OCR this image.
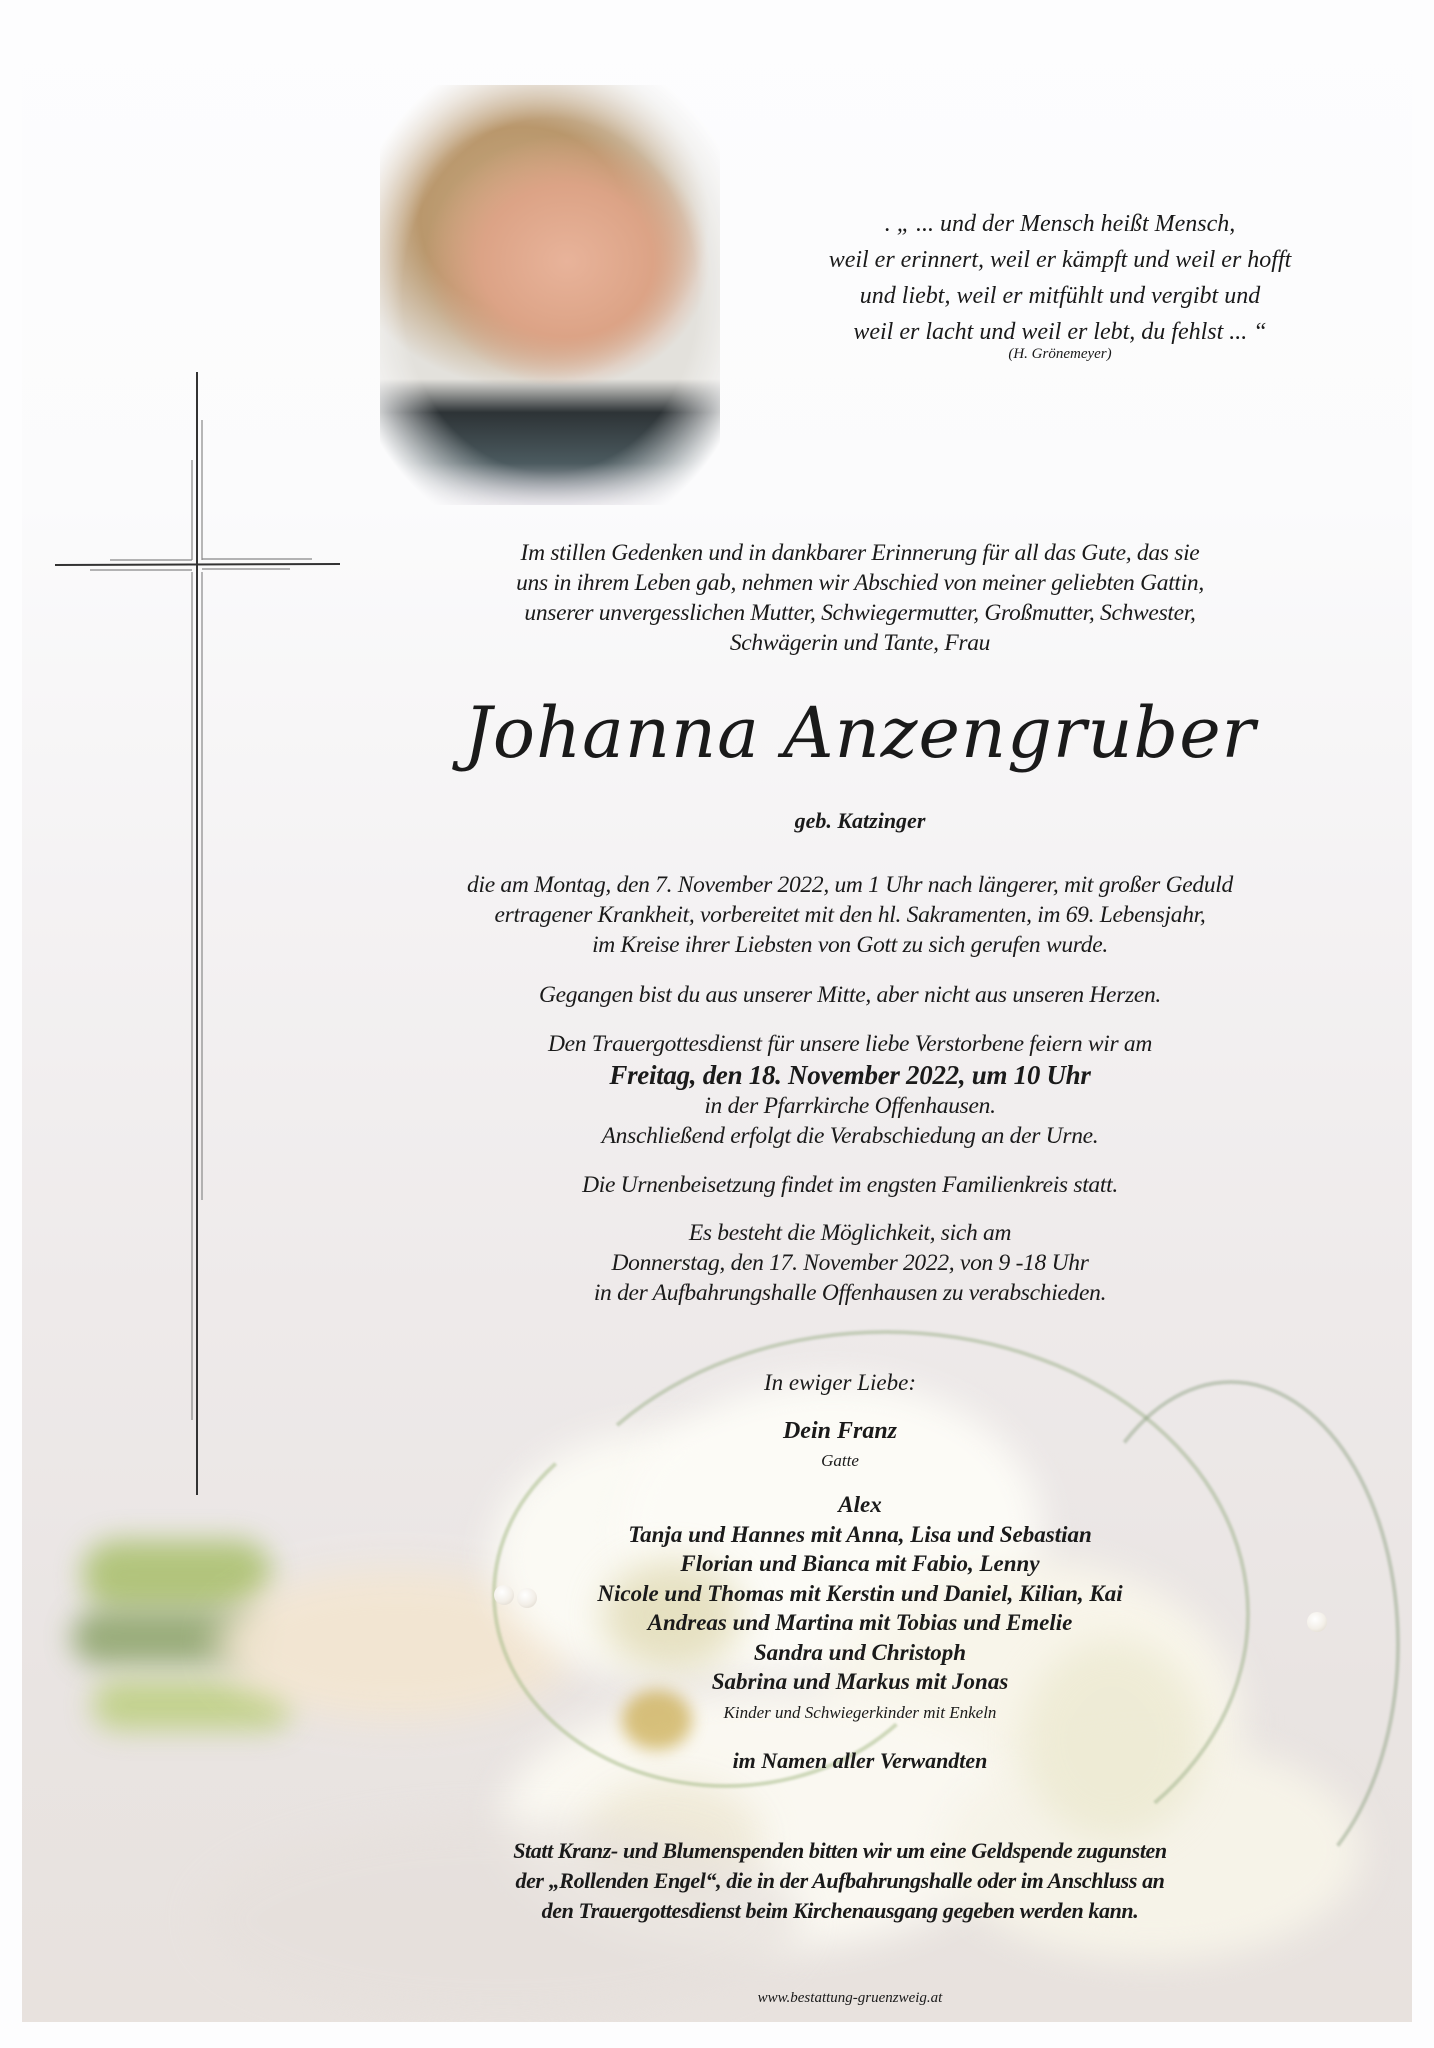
. „ ... und der Mensch heißt Mensch,
weil er erinnert, weil er kämpft und weil er hofft
und liebt, weil er mitfühlt und vergibt und
weil er lacht und weil er lebt, du fehlst ... “
(H. Grönemeyer)
Im stillen Gedenken und in dankbarer Erinnerung für all das Gute, das sie
uns in ihrem Leben gab, nehmen wir Abschied von meiner geliebten Gattin,
unserer unvergesslichen Mutter, Schwiegermutter, Großmutter, Schwester,
Schwägerin und Tante, Frau
Johanna Anzengruber
geb. Katzinger
die am Montag, den 7. November 2022, um 1 Uhr nach längerer, mit großer Geduld
ertragener Krankheit, vorbereitet mit den hl. Sakramenten, im 69. Lebensjahr,
im Kreise ihrer Liebsten von Gott zu sich gerufen wurde.
Gegangen bist du aus unserer Mitte, aber nicht aus unseren Herzen.
Den Trauergottesdienst für unsere liebe Verstorbene feiern wir am
Freitag, den 18. November 2022, um 10 Uhr
in der Pfarrkirche Offenhausen.
Anschließend erfolgt die Verabschiedung an der Urne.
Die Urnenbeisetzung findet im engsten Familienkreis statt.
Es besteht die Möglichkeit, sich am
Donnerstag, den 17. November 2022, von 9 -18 Uhr
in der Aufbahrungshalle Offenhausen zu verabschieden.
In ewiger Liebe:
Dein Franz
Gatte
Alex
Tanja und Hannes mit Anna, Lisa und Sebastian
Florian und Bianca mit Fabio, Lenny
Nicole und Thomas mit Kerstin und Daniel, Kilian, Kai
Andreas und Martina mit Tobias und Emelie
Sandra und Christoph
Sabrina und Markus mit Jonas
Kinder und Schwiegerkinder mit Enkeln
im Namen aller Verwandten
Statt Kranz- und Blumenspenden bitten wir um eine Geldspende zugunsten
der „Rollenden Engel“, die in der Aufbahrungshalle oder im Anschluss an
den Trauergottesdienst beim Kirchenausgang gegeben werden kann.
www.bestattung-gruenzweig.at
